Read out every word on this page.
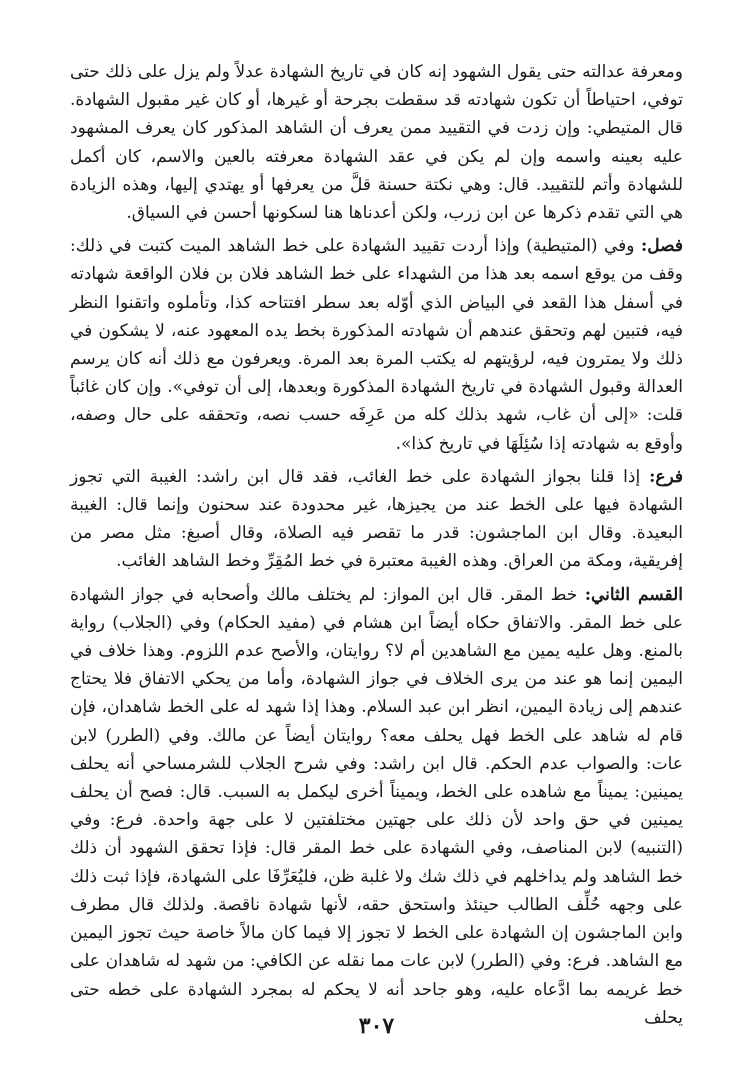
ومعرفة عدالته حتى يقول الشهود إنه كان في تاريخ الشهادة عدلاً ولم يزل على ذلك حتى توفي، احتياطاً أن تكون شهادته قد سقطت بجرحة أو غيرها، أو كان غير مقبول الشهادة. قال المتيطي: وإن زدت في التقييد ممن يعرف أن الشاهد المذكور كان يعرف المشهود عليه بعينه واسمه وإن لم يكن في عقد الشهادة معرفته بالعين والاسم، كان أكمل للشهادة وأتم للتقييد. قال: وهي نكتة حسنة قلَّ من يعرفها أو يهتدي إليها، وهذه الزيادة هي التي تقدم ذكرها عن ابن زرب، ولكن أعدناها هنا لسكونها أحسن في السياق.

فصل: وفي (المتيطية) وإذا أردت تقييد الشهادة على خط الشاهد الميت كتبت في ذلك: وقف من يوقع اسمه بعد هذا من الشهداء على خط الشاهد فلان بن فلان الواقعة شهادته في أسفل هذا القعد في البياض الذي أوّله بعد سطر افتتاحه كذا، وتأملوه واتقنوا النظر فيه، فتبين لهم وتحقق عندهم أن شهادته المذكورة بخط يده المعهود عنه، لا يشكون في ذلك ولا يمترون فيه، لرؤيتهم له يكتب المرة بعد المرة. ويعرفون مع ذلك أنه كان يرسم العدالة وقبول الشهادة في تاريخ الشهادة المذكورة وبعدها، إلى أن توفي». وإن كان غائباً قلت: «إلى أن غاب، شهد بذلك كله من عَرِفَه حسب نصه، وتحققه على حال وصفه، وأوقع به شهادته إذا سُئِلَهَا في تاريخ كذا».

فرع: إذا قلنا بجواز الشهادة على خط الغائب، فقد قال ابن راشد: الغيبة التي تجوز الشهادة فيها على الخط عند من يجيزها، غير محدودة عند سحنون وإنما قال: الغيبة البعيدة. وقال ابن الماجشون: قدر ما تقصر فيه الصلاة، وقال أصبغ: مثل مصر من إفريقية، ومكة من العراق. وهذه الغيبة معتبرة في خط المُقِرِّ وخط الشاهد الغائب.

القسم الثاني: خط المقر. قال ابن المواز: لم يختلف مالك وأصحابه في جواز الشهادة على خط المقر. والاتفاق حكاه أيضاً ابن هشام في (مفيد الحكام) وفي (الجلاب) رواية بالمنع. وهل عليه يمين مع الشاهدين أم لا؟ روايتان، والأصح عدم اللزوم. وهذا خلاف في اليمين إنما هو عند من يرى الخلاف في جواز الشهادة، وأما من يحكي الاتفاق فلا يحتاج عندهم إلى زيادة اليمين، انظر ابن عبد السلام. وهذا إذا شهد له على الخط شاهدان، فإن قام له شاهد على الخط فهل يحلف معه؟ روايتان أيضاً عن مالك. وفي (الطرر) لابن عات: والصواب عدم الحكم. قال ابن راشد: وفي شرح الجلاب للشرمساحي أنه يحلف يمينين: يميناً مع شاهده على الخط، ويميناً أخرى ليكمل به السبب. قال: فصح أن يحلف يمينين في حق واحد لأن ذلك على جهتين مختلفتين لا على جهة واحدة. فرع: وفي (التنبيه) لابن المناصف، وفي الشهادة على خط المقر قال: فإذا تحقق الشهود أن ذلك خط الشاهد ولم يداخلهم في ذلك شك ولا غلبة ظن، فليُعَرِّفَا على الشهادة، فإذا ثبت ذلك على وجهه حُلِّف الطالب حينئذ واستحق حقه، لأنها شهادة ناقصة. ولذلك قال مطرف وابن الماجشون إن الشهادة على الخط لا تجوز إلا فيما كان مالاً خاصة حيث تجوز اليمين مع الشاهد. فرع: وفي (الطرر) لابن عات مما نقله عن الكافي: من شهد له شاهدان على خط غريمه بما ادَّعاه عليه، وهو جاحد أنه لا يحكم له بمجرد الشهادة على خطه حتى يحلف

٣٠٧
